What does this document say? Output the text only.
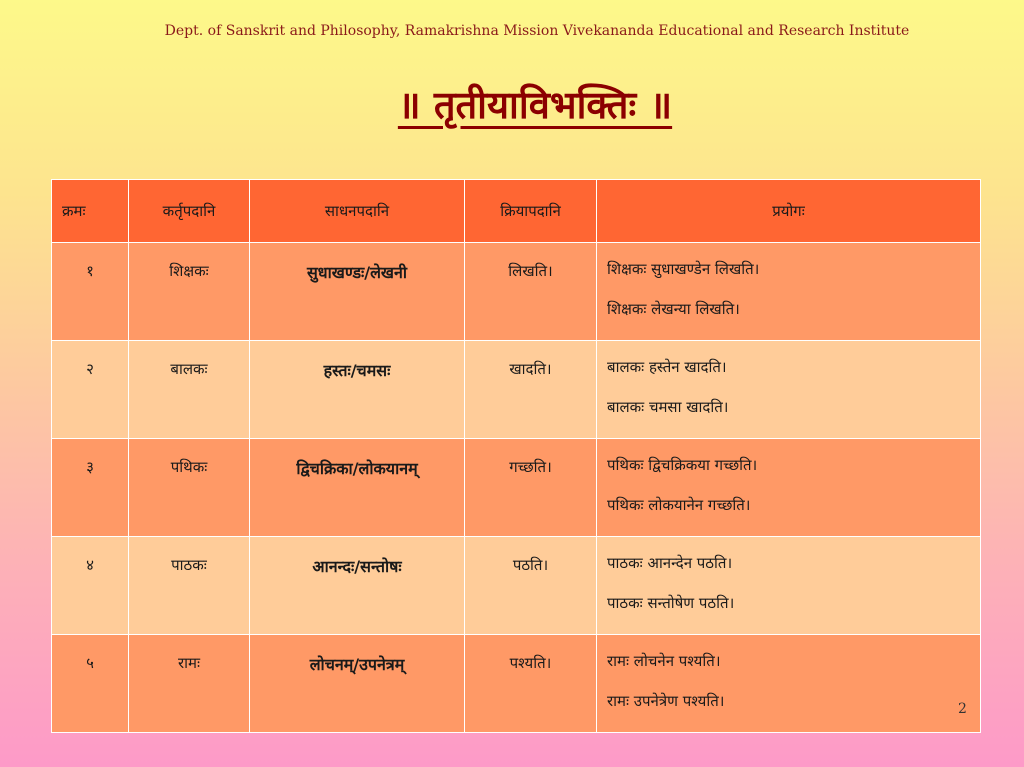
Dept. of Sanskrit and Philosophy, Ramakrishna Mission Vivekananda Educational and Research Institute
॥ तृतीयाविभक्तिः ॥
क्रमः	कर्तृपदानि	साधनपदानि	क्रियापदानि	प्रयोगः
१	शिक्षकः	सुधाखण्डः/लेखनी	लिखति।	शिक्षकः सुधाखण्डेन लिखति।
शिक्षकः लेखन्या लिखति।

२	बालकः	हस्तः/चमसः	खादति।	बालकः हस्तेन खादति।
बालकः चमसा खादति।

३	पथिकः	द्विचक्रिका/लोकयानम्	गच्छति।	पथिकः द्विचक्रिकया गच्छति।
पथिकः लोकयानेन गच्छति।

४	पाठकः	आनन्दः/सन्तोषः	पठति।	पाठकः आनन्देन पठति।
पाठकः सन्तोषेण पठति।

५	रामः	लोचनम्/उपनेत्रम्	पश्यति।	रामः लोचनेन पश्यति।
रामः उपनेत्रेण पश्यति।	2
